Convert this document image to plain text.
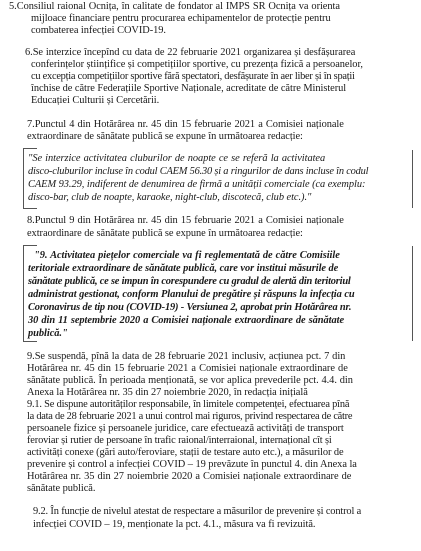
5.Consiliul raional Ocnița, în calitate de fondator al IMPS SR Ocnița va orienta
mijloace financiare pentru procurarea echipamentelor de protecție pentru
combaterea infecției COVID-19.
6.Se interzice începînd cu data de 22 februarie 2021 organizarea și desfășurarea
conferințelor științifice și competițiilor sportive, cu prezența fizică a persoanelor,
cu excepția competițiilor sportive fără spectatori, desfășurate în aer liber și în spații
închise de către Federațiile Sportive Naționale, acreditate de către Ministerul
Educației Culturii și Cercetării.
7.Punctul 4 din Hotărârea nr. 45 din 15 februarie 2021 a Comisiei naționale
extraordinare de sănătate publică se expune în următoarea redacție:
"Se interzice activitatea cluburilor de noapte ce se referă la activitatea
disco-cluburilor incluse în codul CAEM 56.30 și a ringurilor de dans incluse în codul
CAEM 93.29, indiferent de denumirea de firmă a unității comerciale (ca exemplu:
disco-bar, club de noapte, karaoke, night-club, discotecă, club etc.)."
8.Punctul 9 din Hotărârea nr. 45 din 15 februarie 2021 a Comisiei naționale
extraordinare de sănătate publică se expune în următoarea redacție:
"9. Activitatea piețelor comerciale va fi reglementată de către Comisiile
teritoriale extraordinare de sănătate publică, care vor institui măsurile de
sănătate publică, ce se impun în corespundere cu gradul de alertă din teritoriul
administrat gestionat, conform Planului de pregătire și răspuns la infecția cu
Coronavirus de tip nou (COVID-19) - Versiunea 2, aprobat prin Hotărârea nr.
30 din 11 septembrie 2020 a Comisiei naționale extraordinare de sănătate
publică."
9.Se suspendă, pînă la data de 28 februarie 2021 inclusiv, acțiunea pct. 7 din
Hotărârea nr. 45 din 15 februarie 2021 a Comisiei naționale extraordinare de
sănătate publică. În perioada menționată, se vor aplica prevederile pct. 4.4. din
Anexa la Hotărârea nr. 35 din 27 noiembrie 2020, în redacția inițială
9.1. Se dispune autorităților responsabile, în limitele competenței, efectuarea pînă
la data de 28 februarie 2021 a unui control mai riguros, privind respectarea de către
persoanele fizice și persoanele juridice, care efectuează activități de transport
feroviar și rutier de persoane în trafic raional/interraional, internațional cît și
activități conexe (gări auto/feroviare, stații de testare auto etc.), a măsurilor de
prevenire și control a infecției COVID – 19 prevăzute în punctul 4. din Anexa la
Hotărârea nr. 35 din 27 noiembrie 2020 a Comisiei naționale extraordinare de
sănătate publică.
9.2. În funcție de nivelul atestat de respectare a măsurilor de prevenire și control a
infecției COVID – 19, menționate la pct. 4.1., măsura va fi revizuită.
